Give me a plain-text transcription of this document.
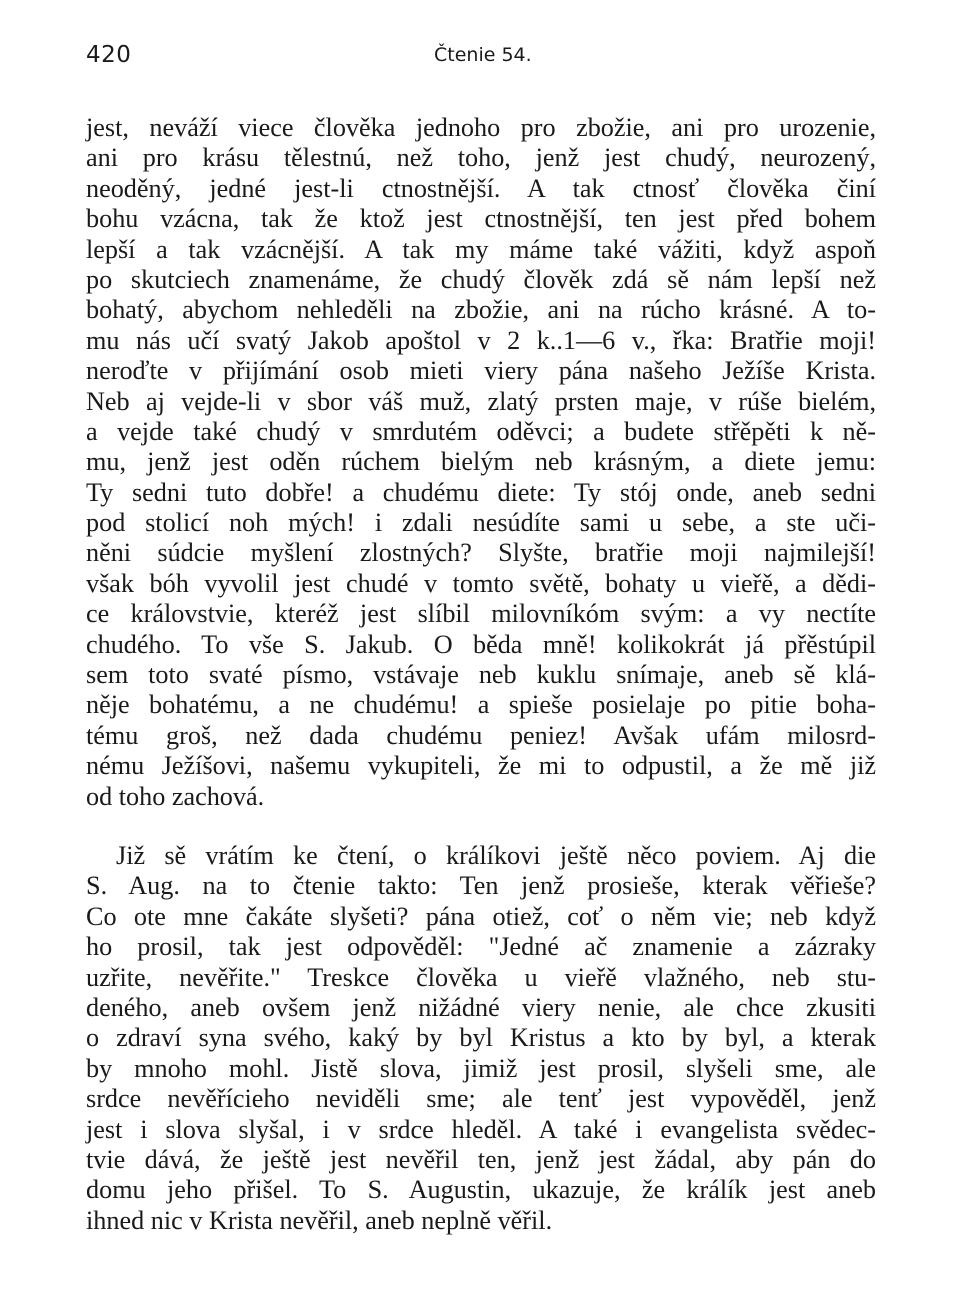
420	Čtenie 54.
jest, neváží viece člověka jednoho pro zbožie, ani pro urozenie,
ani pro krásu tělestnú, než toho, jenž jest chudý, neurozený,
neoděný, jedné jest-li ctnostnější. A tak ctnosť člověka činí
bohu vzácna, tak že ktož jest ctnostnější, ten jest před bohem
lepší a tak vzácnější. A tak my máme také vážiti, když aspoň
po skutciech znamenáme, že chudý člověk zdá sě nám lepší než
bohatý, abychom nehleděli na zbožie, ani na rúcho krásné. A to-
mu nás učí svatý Jakob apoštol v 2 k..1—6 v., řka: Bratřie moji!
neroďte v přijímání osob mieti viery pána našeho Ježíše Krista.
Neb aj vejde-li v sbor váš muž, zlatý prsten maje, v rúše bielém,
a vejde také chudý v smrdutém oděvci; a budete střěpěti k ně-
mu, jenž jest oděn rúchem bielým neb krásným, a diete jemu:
Ty sedni tuto dobře! a chudému diete: Ty stój onde, aneb sedni
pod stolicí noh mých! i zdali nesúdíte sami u sebe, a ste uči-
něni súdcie myšlení zlostných? Slyšte, bratřie moji najmilejší!
však bóh vyvolil jest chudé v tomto světě, bohaty u vieřě, a dědi-
ce královstvie, kteréž jest slíbil milovníkóm svým: a vy nectíte
chudého. To vše S. Jakub. O běda mně! kolikokrát já přěstúpil
sem toto svaté písmo, vstávaje neb kuklu snímaje, aneb sě klá-
něje bohatému, a ne chudému! a spieše posielaje po pitie boha-
tému groš, než dada chudému peniez! Avšak ufám milosrd-
nému Ježíšovi, našemu vykupiteli, že mi to odpustil, a že mě již
od toho zachová.
Již sě vrátím ke čtení, o králíkovi ještě něco poviem. Aj die
S. Aug. na to čtenie takto: Ten jenž prosieše, kterak věřieše?
Co ote mne čakáte slyšeti? pána otiež, coť o něm vie; neb když
ho prosil, tak jest odpověděl: "Jedné ač znamenie a zázraky
uzřite, nevěřite." Treskce člověka u vieřě vlažného, neb stu-
deného, aneb ovšem jenž nižádné viery nenie, ale chce zkusiti
o zdraví syna svého, kaký by byl Kristus a kto by byl, a kterak
by mnoho mohl. Jistě slova, jimiž jest prosil, slyšeli sme, ale
srdce nevěřícieho neviděli sme; ale tenť jest vypověděl, jenž
jest i slova slyšal, i v srdce hleděl. A také i evangelista svědec-
tvie dává, že ještě jest nevěřil ten, jenž jest žádal, aby pán do
domu jeho přišel. To S. Augustin, ukazuje, že králík jest aneb
ihned nic v Krista nevěřil, aneb neplně věřil.
